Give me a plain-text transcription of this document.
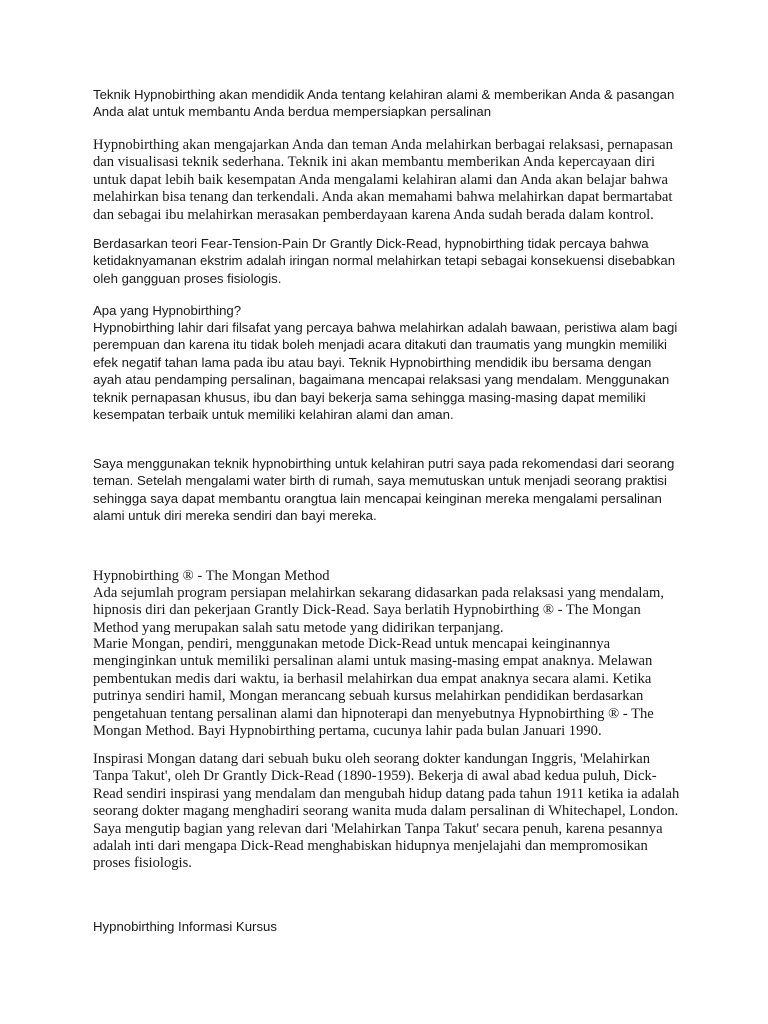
Teknik Hypnobirthing akan mendidik Anda tentang kelahiran alami & memberikan Anda & pasangan Anda alat untuk membantu Anda berdua mempersiapkan persalinan

Hypnobirthing akan mengajarkan Anda dan teman Anda melahirkan berbagai relaksasi, pernapasan dan visualisasi teknik sederhana. Teknik ini akan membantu memberikan Anda kepercayaan diri untuk dapat lebih baik kesempatan Anda mengalami kelahiran alami dan Anda akan belajar bahwa melahirkan bisa tenang dan terkendali. Anda akan memahami bahwa melahirkan dapat bermartabat dan sebagai ibu melahirkan merasakan pemberdayaan karena Anda sudah berada dalam kontrol.

Berdasarkan teori Fear-Tension-Pain Dr Grantly Dick-Read, hypnobirthing tidak percaya bahwa ketidaknyamanan ekstrim adalah iringan normal melahirkan tetapi sebagai konsekuensi disebabkan oleh gangguan proses fisiologis.

Apa yang Hypnobirthing?

Hypnobirthing lahir dari filsafat yang percaya bahwa melahirkan adalah bawaan, peristiwa alam bagi perempuan dan karena itu tidak boleh menjadi acara ditakuti dan traumatis yang mungkin memiliki efek negatif tahan lama pada ibu atau bayi. Teknik Hypnobirthing mendidik ibu bersama dengan ayah atau pendamping persalinan, bagaimana mencapai relaksasi yang mendalam. Menggunakan teknik pernapasan khusus, ibu dan bayi bekerja sama sehingga masing-masing dapat memiliki kesempatan terbaik untuk memiliki kelahiran alami dan aman.

Saya menggunakan teknik hypnobirthing untuk kelahiran putri saya pada rekomendasi dari seorang teman. Setelah mengalami water birth di rumah, saya memutuskan untuk menjadi seorang praktisi sehingga saya dapat membantu orangtua lain mencapai keinginan mereka mengalami persalinan alami untuk diri mereka sendiri dan bayi mereka.

Hypnobirthing ® - The Mongan Method

Ada sejumlah program persiapan melahirkan sekarang didasarkan pada relaksasi yang mendalam, hipnosis diri dan pekerjaan Grantly Dick-Read. Saya berlatih Hypnobirthing ® - The Mongan Method yang merupakan salah satu metode yang didirikan terpanjang.

Marie Mongan, pendiri, menggunakan metode Dick-Read untuk mencapai keinginannya menginginkan untuk memiliki persalinan alami untuk masing-masing empat anaknya. Melawan pembentukan medis dari waktu, ia berhasil melahirkan dua empat anaknya secara alami. Ketika putrinya sendiri hamil, Mongan merancang sebuah kursus melahirkan pendidikan berdasarkan pengetahuan tentang persalinan alami dan hipnoterapi dan menyebutnya Hypnobirthing ® - The Mongan Method. Bayi Hypnobirthing pertama, cucunya lahir pada bulan Januari 1990.

Inspirasi Mongan datang dari sebuah buku oleh seorang dokter kandungan Inggris, 'Melahirkan Tanpa Takut', oleh Dr Grantly Dick-Read (1890-1959). Bekerja di awal abad kedua puluh, Dick-Read sendiri inspirasi yang mendalam dan mengubah hidup datang pada tahun 1911 ketika ia adalah seorang dokter magang menghadiri seorang wanita muda dalam persalinan di Whitechapel, London. Saya mengutip bagian yang relevan dari 'Melahirkan Tanpa Takut' secara penuh, karena pesannya adalah inti dari mengapa Dick-Read menghabiskan hidupnya menjelajahi dan mempromosikan proses fisiologis.

Hypnobirthing Informasi Kursus
